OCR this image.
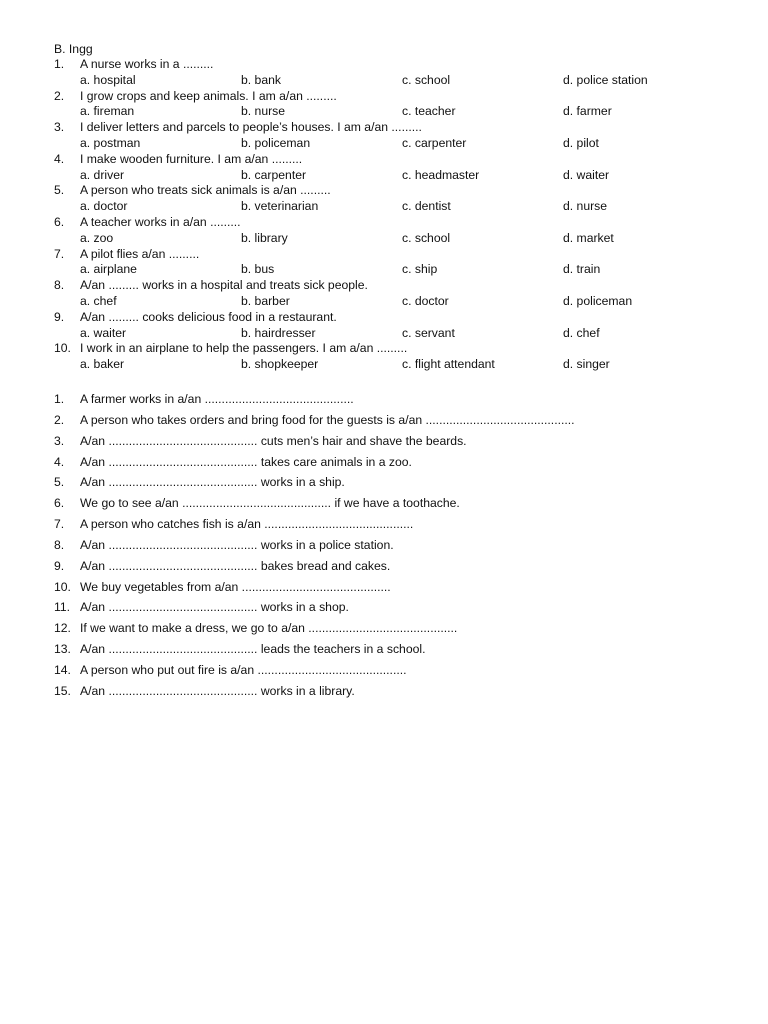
B. Ingg
1.	A nurse works in a .........
a. hospital	b. bank	c. school	d. police station
2.	I grow crops and keep animals. I am a/an .........
a. fireman	b. nurse	c. teacher	d. farmer
3.	I deliver letters and parcels to people’s houses. I am a/an .........
a. postman	b. policeman	c. carpenter	d. pilot
4.	I make wooden furniture. I am a/an .........
a. driver	b. carpenter	c. headmaster	d. waiter
5.	A person who treats sick animals is a/an .........
a. doctor	b. veterinarian	c. dentist	d. nurse
6.	A teacher works in a/an .........
a. zoo	b. library	c. school	d. market
7.	A pilot flies a/an .........
a. airplane	b. bus	c. ship	d. train
8.	A/an ......... works in a hospital and treats sick people.
a. chef	b. barber	c. doctor	d. policeman
9.	A/an ......... cooks delicious food in a restaurant.
a. waiter	b. hairdresser	c. servant	d. chef
10. I work in an airplane to help the passengers. I am a/an .........
a. baker	b. shopkeeper	c. flight attendant	d. singer
1.	A farmer works in a/an ............................................
2.	A person who takes orders and bring food for the guests is a/an ............................................
3.	A/an ............................................ cuts men’s hair and shave the beards.
4.	A/an ............................................ takes care animals in a zoo.
5.	A/an ............................................ works in a ship.
6.	We go to see a/an ............................................ if we have a toothache.
7.	A person who catches fish is a/an ............................................
8.	A/an ............................................ works in a police station.
9.	A/an ............................................ bakes bread and cakes.
10. We buy vegetables from a/an ............................................
11. A/an ............................................ works in a shop.
12. If we want to make a dress, we go to a/an ............................................
13. A/an ............................................ leads the teachers in a school.
14. A person who put out fire is a/an ............................................
15. A/an ............................................ works in a library.
